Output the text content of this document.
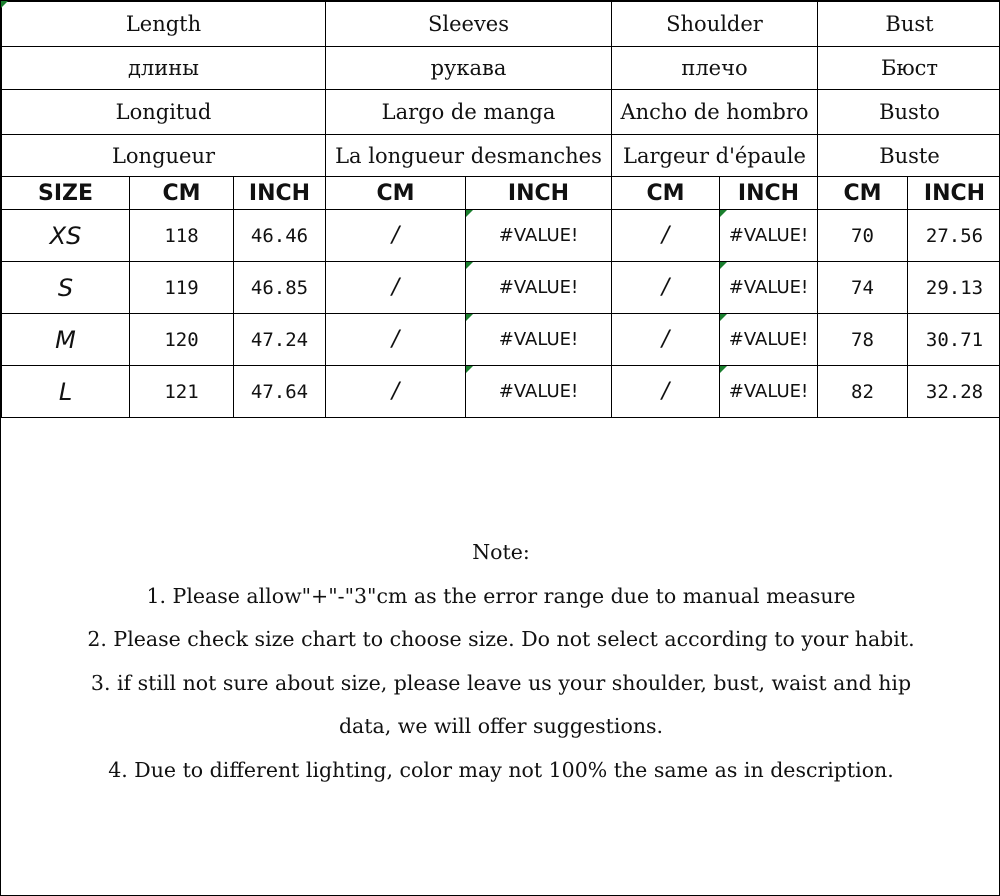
Length			Sleeves		Shoulder		Bust	
длины			рукава		плечо		Бюст	
Longitud			Largo de manga		Ancho de hombro		Busto	
Longueur			La longueur desmanches		Largeur d'épaule		Buste	
SIZE	CM	INCH	CM	INCH	CM	INCH	CM	INCH
XS	118	46.46	/	#VALUE!	/	#VALUE!	70	27.56
S	119	46.85	/	#VALUE!	/	#VALUE!	74	29.13
M	120	47.24	/	#VALUE!	/	#VALUE!	78	30.71
L	121	47.64	/	#VALUE!	/	#VALUE!	82	32.28
Note:
1. Please allow"+"-"3"cm as the error range due to manual measure
2. Please check size chart to choose size. Do not select according to your habit.
3. if still not sure about size, please leave us your shoulder, bust, waist and hip
data, we will offer suggestions.
4. Due to different lighting, color may not 100% the same as in description.
